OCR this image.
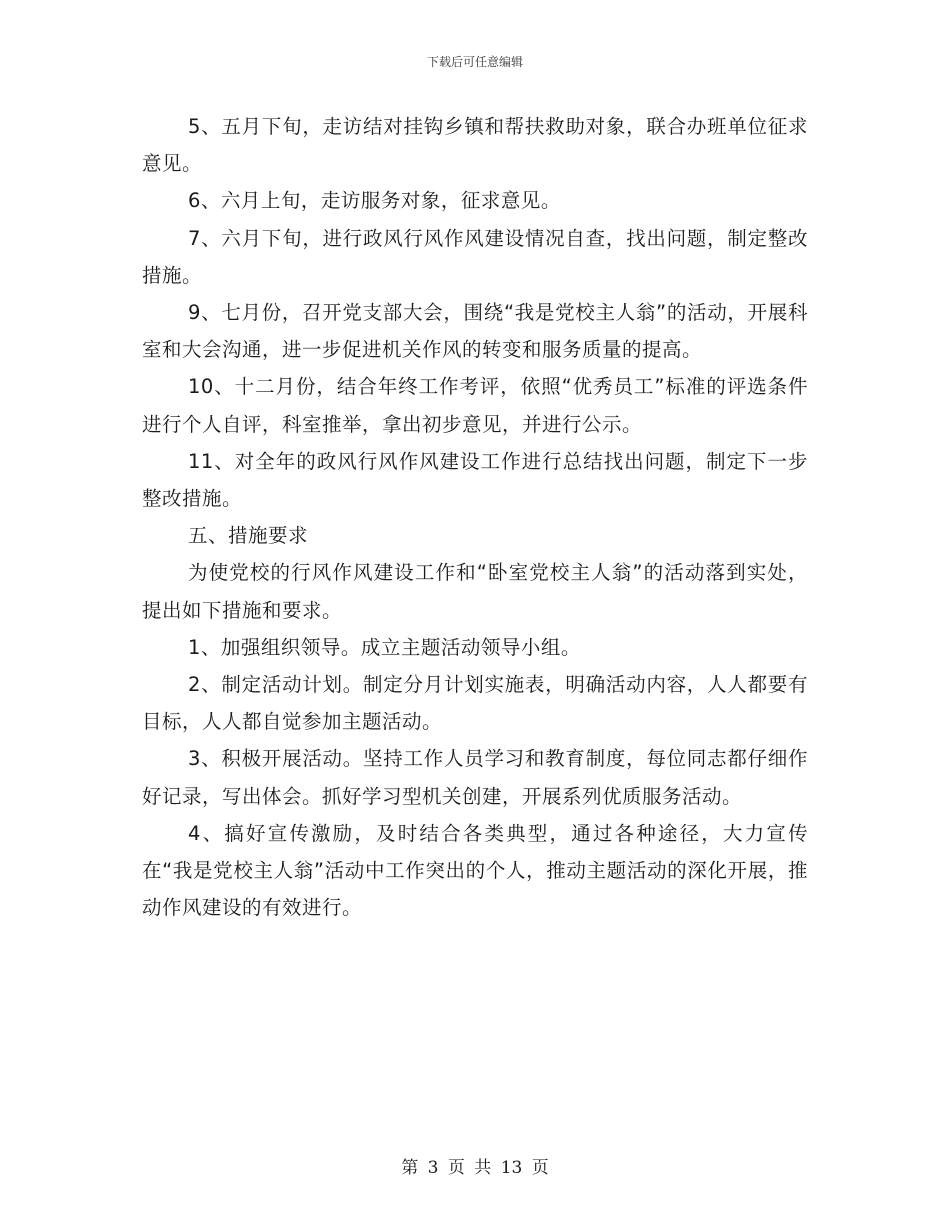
下载后可任意编辑

5、五月下旬，走访结对挂钩乡镇和帮扶救助对象，联合办班单位征求意见。

6、六月上旬，走访服务对象，征求意见。

7、六月下旬，进行政风行风作风建设情况自查，找出问题，制定整改措施。

9、七月份，召开党支部大会，围绕“我是党校主人翁”的活动，开展科室和大会沟通，进一步促进机关作风的转变和服务质量的提高。

10、十二月份，结合年终工作考评，依照“优秀员工”标准的评选条件进行个人自评，科室推举，拿出初步意见，并进行公示。

11、对全年的政风行风作风建设工作进行总结找出问题，制定下一步整改措施。

五、措施要求

为使党校的行风作风建设工作和“卧室党校主人翁”的活动落到实处，提出如下措施和要求。

1、加强组织领导。成立主题活动领导小组。

2、制定活动计划。制定分月计划实施表，明确活动内容，人人都要有目标，人人都自觉参加主题活动。

3、积极开展活动。坚持工作人员学习和教育制度，每位同志都仔细作好记录，写出体会。抓好学习型机关创建，开展系列优质服务活动。

4、搞好宣传激励，及时结合各类典型，通过各种途径，大力宣传在“我是党校主人翁”活动中工作突出的个人，推动主题活动的深化开展，推动作风建设的有效进行。

第 3 页 共 13 页
